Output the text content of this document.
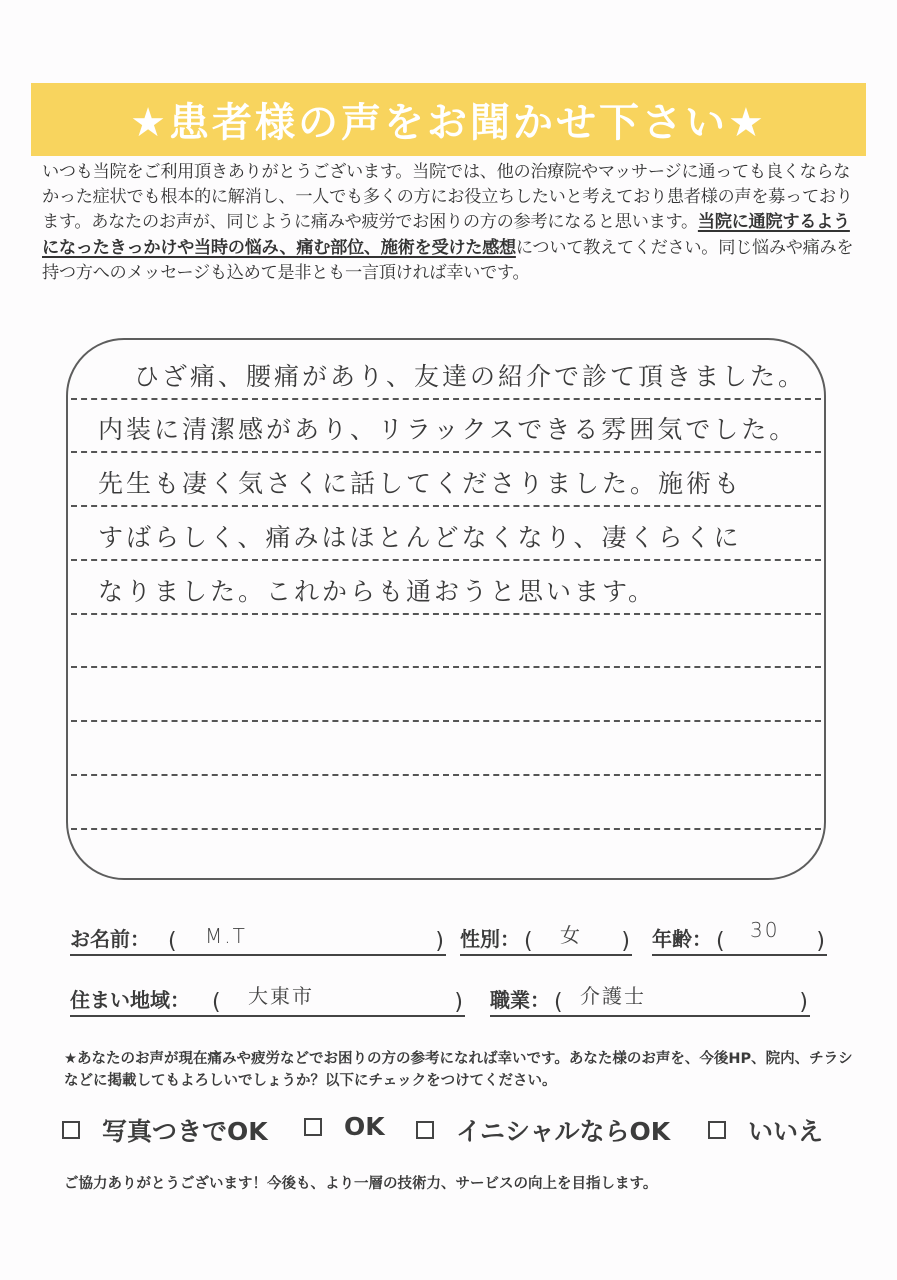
★患者様の声をお聞かせ下さい★
いつも当院をご利用頂きありがとうございます。当院では、他の治療院やマッサージに通っても良くならなかった症状でも根本的に解消し、一人でも多くの方にお役立ちしたいと考えており患者様の声を募っております。あなたのお声が、同じように痛みや疲労でお困りの方の参考になると思います。当院に通院するようになったきっかけや当時の悩み、痛む部位、施術を受けた感想について教えてください。同じ悩みや痛みを持つ方へのメッセージも込めて是非とも一言頂ければ幸いです。
ひざ痛、腰痛があり、友達の紹介で診て頂きました。
内装に清潔感があり、リラックスできる雰囲気でした。
先生も凄く気さくに話してくださりました。施術も
すばらしく、痛みはほとんどなくなり、凄くらくに
なりました。これからも通おうと思います。
お名前： ( M.T	) 性別： ( 女 ) 年齢： ( 30 )
住まい地域： ( 大東市	) 職業： ( 介護士	)
★あなたのお声が現在痛みや疲労などでお困りの方の参考になれば幸いです。あなた様のお声を、今後HP、院内、チラシなどに掲載してもよろしいでしょうか？以下にチェックをつけてください。
写真つきでOK	OK	イニシャルならOK	いいえ
ご協力ありがとうございます！今後も、より一層の技術力、サービスの向上を目指します。
